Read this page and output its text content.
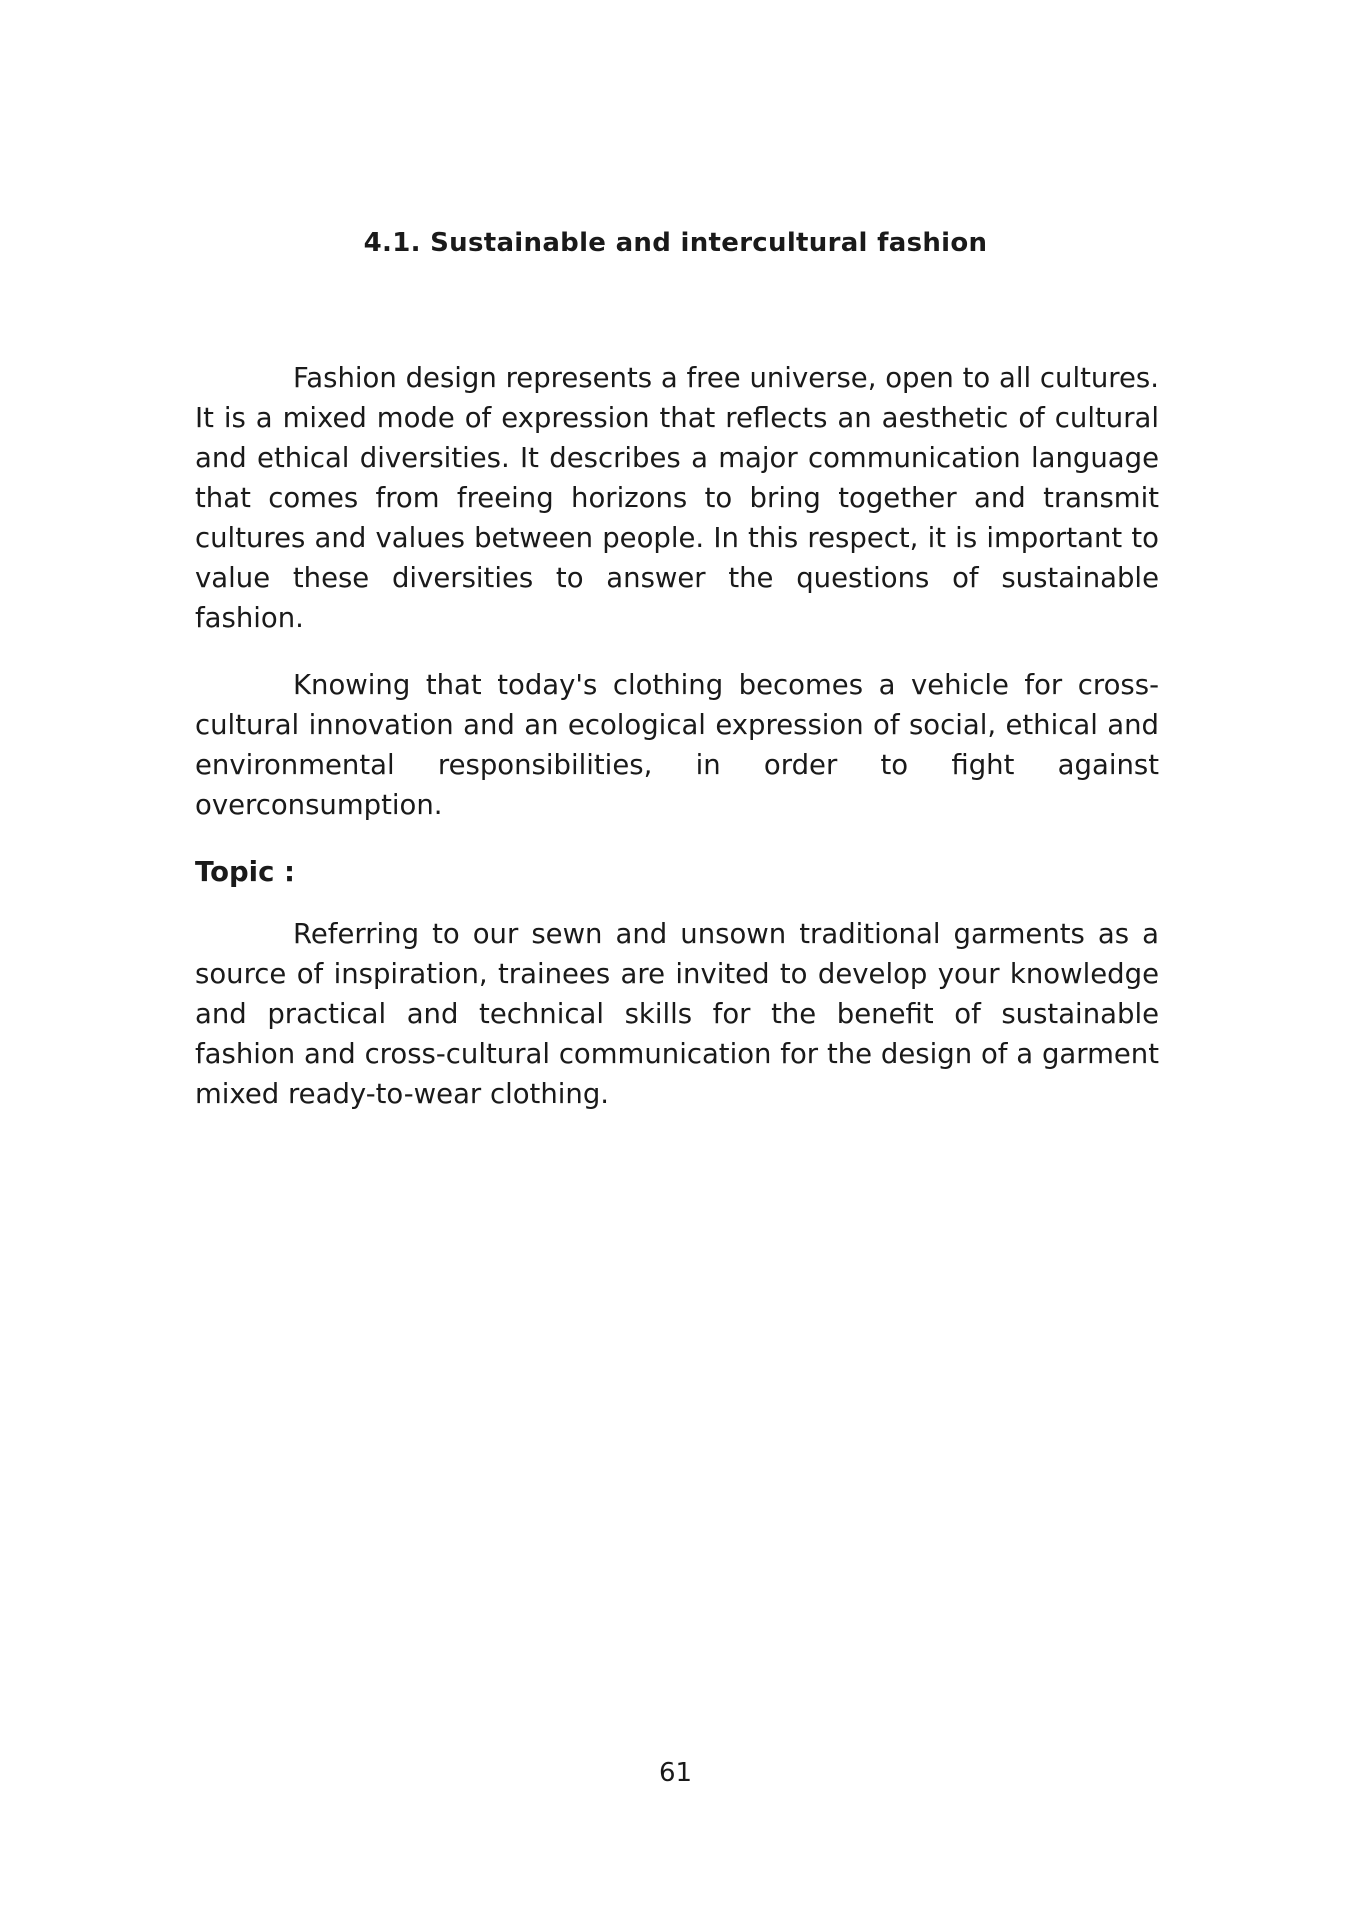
4.1. Sustainable and intercultural fashion

Fashion design represents a free universe, open to all cultures. It is a mixed mode of expression that reflects an aesthetic of cultural and ethical diversities. It describes a major communication language that comes from freeing horizons to bring together and transmit cultures and values between people. In this respect, it is important to value these diversities to answer the questions of sustainable fashion.

Knowing that today's clothing becomes a vehicle for cross-cultural innovation and an ecological expression of social, ethical and environmental responsibilities, in order to fight against overconsumption.

Topic :

Referring to our sewn and unsown traditional garments as a source of inspiration, trainees are invited to develop your knowledge and practical and technical skills for the benefit of sustainable fashion and cross-cultural communication for the design of a garment mixed ready-to-wear clothing.

61
